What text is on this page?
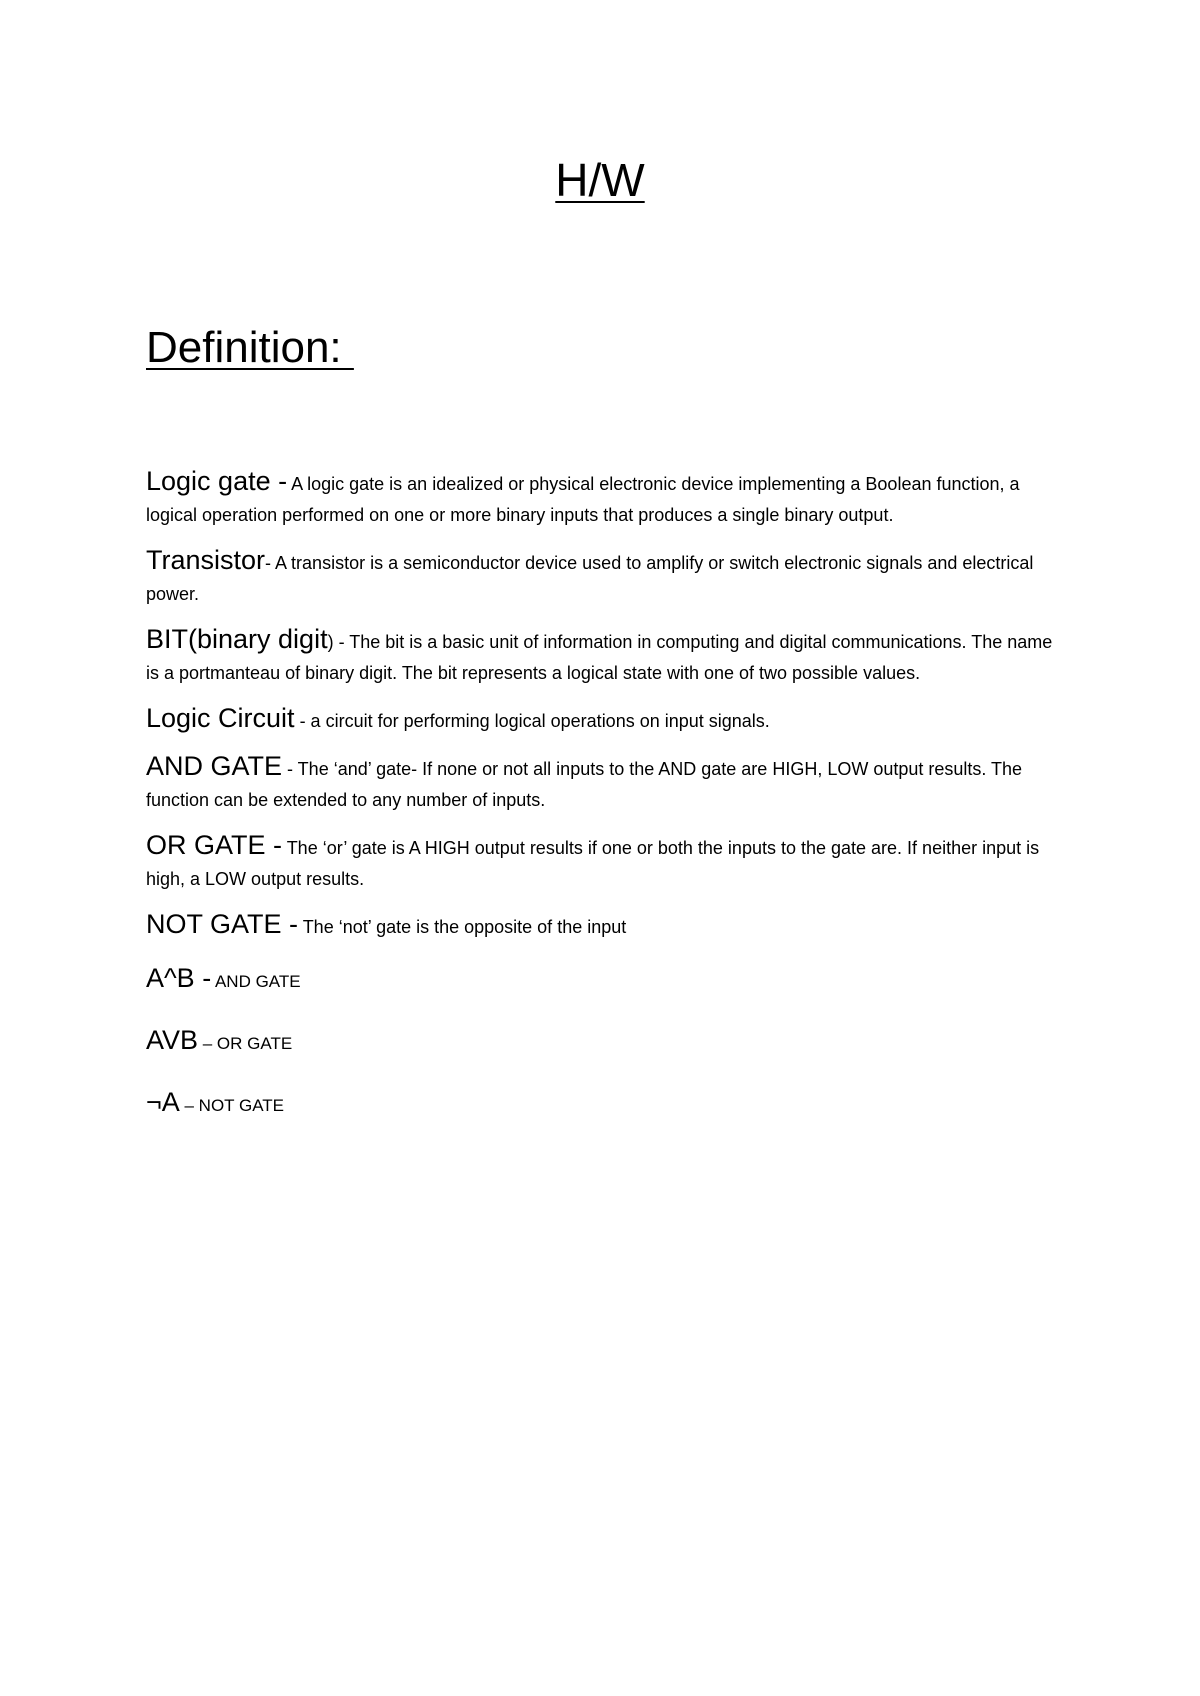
H/W
Definition:

Logic gate - A logic gate is an idealized or physical electronic device implementing a Boolean function, a logical operation performed on one or more binary inputs that produces a single binary output.

Transistor- A transistor is a semiconductor device used to amplify or switch electronic signals and electrical power.

BIT(binary digit) - The bit is a basic unit of information in computing and digital communications. The name is a portmanteau of binary digit. The bit represents a logical state with one of two possible values.

Logic Circuit - a circuit for performing logical operations on input signals.

AND GATE - The ‘and’ gate- If none or not all inputs to the AND gate are HIGH, LOW output results. The function can be extended to any number of inputs.

OR GATE - The ‘or’ gate is A HIGH output results if one or both the inputs to the gate are. If neither input is high, a LOW output results.

NOT GATE - The ‘not’ gate is the opposite of the input

A^B - AND GATE

AVB – OR GATE

¬A – NOT GATE
